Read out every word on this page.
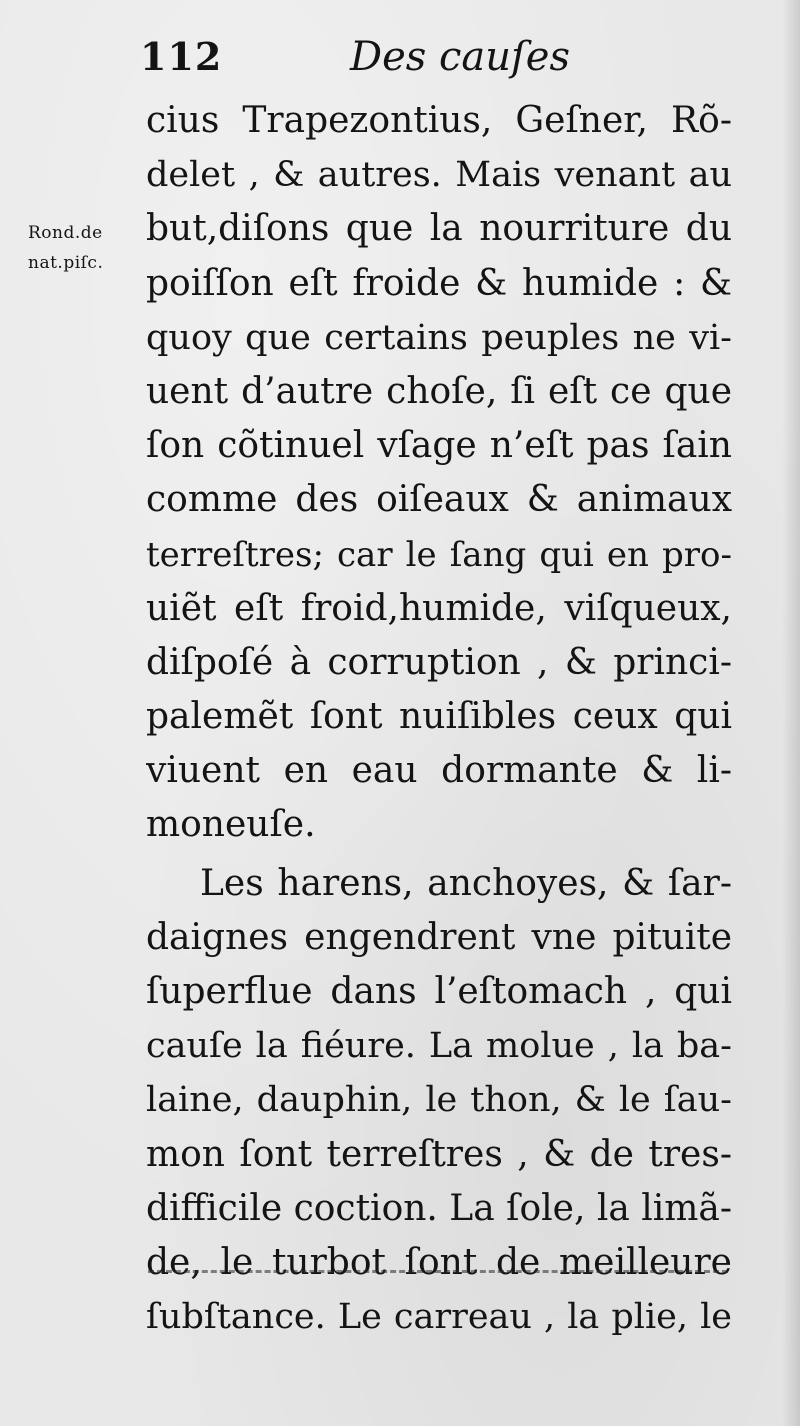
112	Des cauſes
Rond.de
nat.piſc.
cius Trapezontius, Geſner, Rõ-
delet , & autres. Mais venant au
but,diſons que la nourriture du
poiſſon eſt froide & humide : &
quoy que certains peuples ne vi-
uent d’autre choſe, ſi eſt ce que
ſon cõtinuel vſage n’eſt pas ſain
comme des oiſeaux & animaux
terreſtres; car le ſang qui en pro-
uiẽt eſt froid,humide, viſqueux,
diſpoſé à corruption , & princi-
palemẽt ſont nuiſibles ceux qui
viuent en eau dormante & li-
moneuſe.
Les harens, anchoyes, & ſar-
daignes engendrent vne pituite
ſuperflue dans l’eſtomach , qui
cauſe la fiéure. La molue , la ba-
laine, dauphin, le thon, & le ſau-
mon ſont terreſtres , & de tres-
difficile coction. La ſole, la limã-
de, le turbot ſont de meilleure
ſubſtance. Le carreau , la plie, le
